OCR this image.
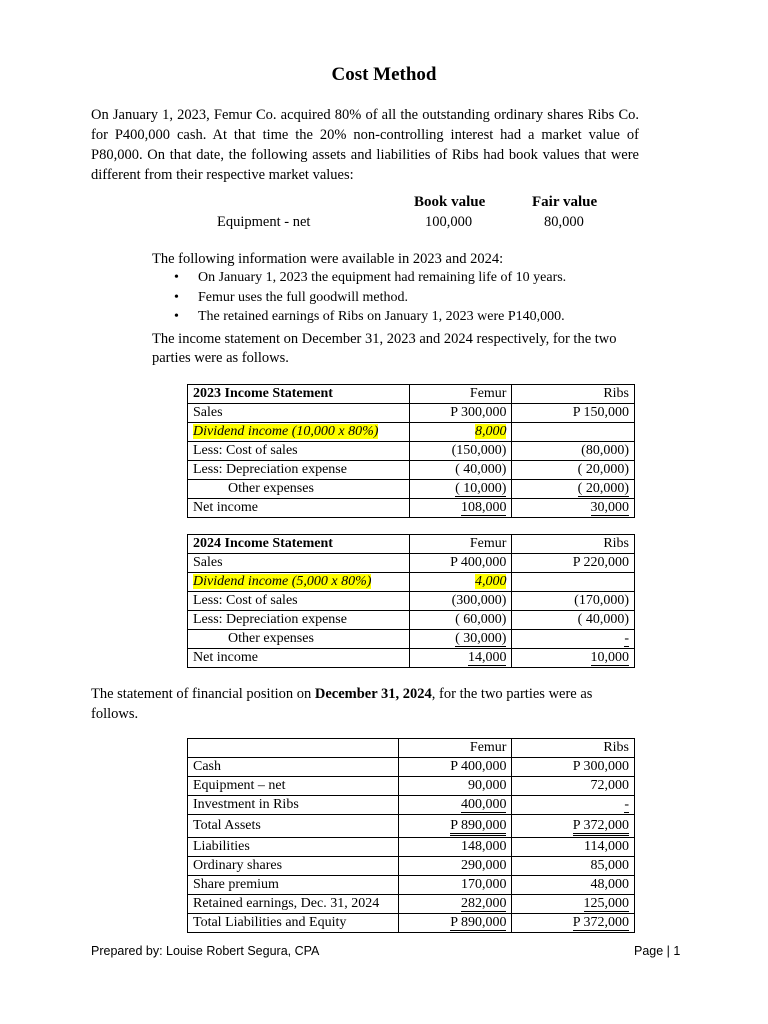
Cost Method
On January 1, 2023, Femur Co. acquired 80% of all the outstanding ordinary shares Ribs Co. for P400,000 cash. At that time the 20% non-controlling interest had a market value of P80,000. On that date, the following assets and liabilities of Ribs had book values that were different from their respective market values:
Book value	Fair value
Equipment - net	100,000	80,000
The following information were available in 2023 and 2024:
• On January 1, 2023 the equipment had remaining life of 10 years.
• Femur uses the full goodwill method.
• The retained earnings of Ribs on January 1, 2023 were P140,000.
The income statement on December 31, 2023 and 2024 respectively, for the two parties were as follows.
2023 Income Statement	Femur	Ribs
Sales	P 300,000	P 150,000
Dividend income (10,000 x 80%)	8,000	
Less: Cost of sales	(150,000)	(80,000)
Less: Depreciation expense	( 40,000)	( 20,000)
Other expenses	( 10,000)	( 20,000)
Net income	108,000	30,000
2024 Income Statement	Femur	Ribs
Sales	P 400,000	P 220,000
Dividend income (5,000 x 80%)	4,000	
Less: Cost of sales	(300,000)	(170,000)
Less: Depreciation expense	( 60,000)	( 40,000)
Other expenses	( 30,000)	-
Net income	14,000	10,000
The statement of financial position on December 31, 2024, for the two parties were as follows.
	Femur	Ribs
Cash	P 400,000	P 300,000
Equipment – net	90,000	72,000
Investment in Ribs	400,000	-
Total Assets	P 890,000	P 372,000
Liabilities	148,000	114,000
Ordinary shares	290,000	85,000
Share premium	170,000	48,000
Retained earnings, Dec. 31, 2024	282,000	125,000
Total Liabilities and Equity	P 890,000	P 372,000
Prepared by: Louise Robert Segura, CPA	Page | 1
